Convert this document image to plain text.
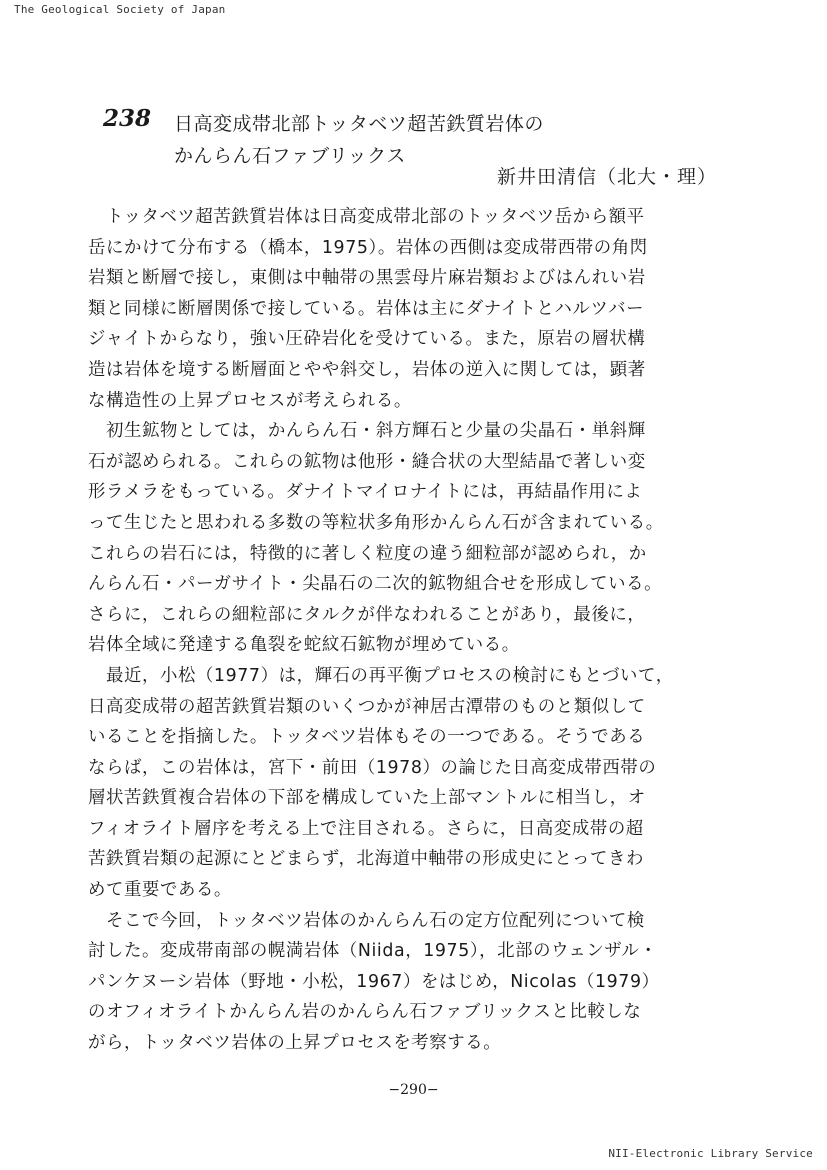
The Geological Society of Japan
238 日高変成帯北部トッタベツ超苦鉄質岩体の
かんらん石ファブリックス
新井田清信（北大・理）
　トッタベツ超苦鉄質岩体は日高変成帯北部のトッタベツ岳から額平
岳にかけて分布する（橋本，1975）。岩体の西側は変成帯西帯の角閃
岩類と断層で接し，東側は中軸帯の黒雲母片麻岩類およびはんれい岩
類と同様に断層関係で接している。岩体は主にダナイトとハルツバー
ジャイトからなり，強い圧砕岩化を受けている。また，原岩の層状構
造は岩体を境する断層面とやや斜交し，岩体の逆入に関しては，顕著
な構造性の上昇プロセスが考えられる。
　初生鉱物としては，かんらん石・斜方輝石と少量の尖晶石・単斜輝
石が認められる。これらの鉱物は他形・縫合状の大型結晶で著しい変
形ラメラをもっている。ダナイトマイロナイトには，再結晶作用によ
って生じたと思われる多数の等粒状多角形かんらん石が含まれている。
これらの岩石には，特徴的に著しく粒度の違う細粒部が認められ，か
んらん石・パーガサイト・尖晶石の二次的鉱物組合せを形成している。
さらに，これらの細粒部にタルクが伴なわれることがあり，最後に，
岩体全域に発達する亀裂を蛇紋石鉱物が埋めている。
　最近，小松（1977）は，輝石の再平衡プロセスの検討にもとづいて，
日高変成帯の超苦鉄質岩類のいくつかが神居古潭帯のものと類似して
いることを指摘した。トッタベツ岩体もその一つである。そうである
ならば，この岩体は，宮下・前田（1978）の論じた日高変成帯西帯の
層状苦鉄質複合岩体の下部を構成していた上部マントルに相当し，オ
フィオライト層序を考える上で注目される。さらに，日高変成帯の超
苦鉄質岩類の起源にとどまらず，北海道中軸帯の形成史にとってきわ
めて重要である。
　そこで今回，トッタベツ岩体のかんらん石の定方位配列について検
討した。変成帯南部の幌満岩体（Niida，1975），北部のウェンザル・
パンケヌーシ岩体（野地・小松，1967）をはじめ，Nicolas（1979）
のオフィオライトかんらん岩のかんらん石ファブリックスと比較しな
がら，トッタベツ岩体の上昇プロセスを考察する。
−290−
NII-Electronic Library Service
